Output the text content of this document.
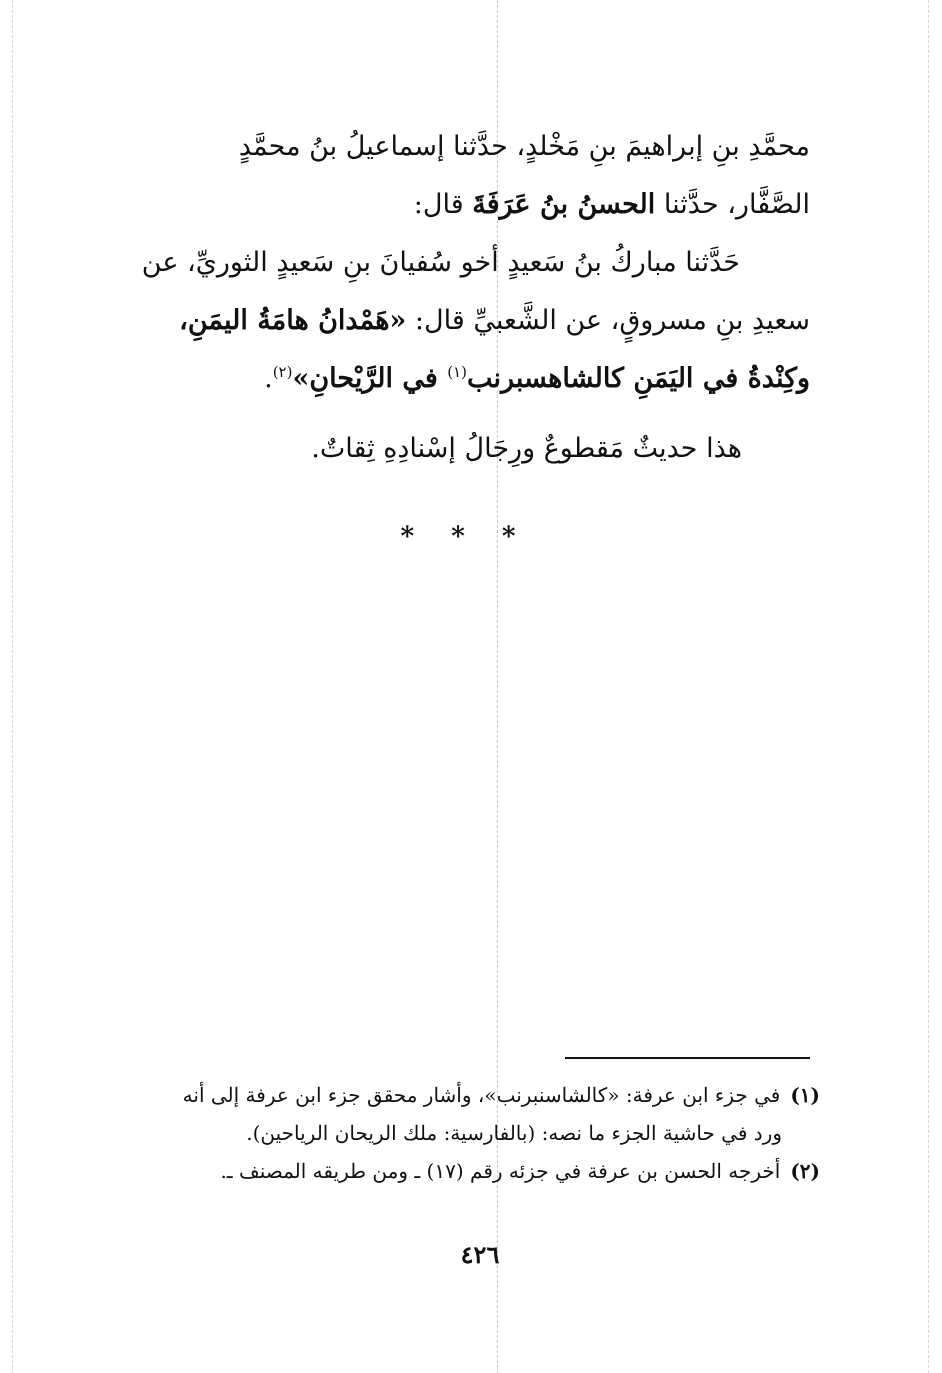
محمَّدِ بنِ إبراهيمَ بنِ مَخْلدٍ، حدَّثنا إسماعيلُ بنُ محمَّدٍ
الصَّفَّار، حدَّثنا الحسنُ بنُ عَرَفَةَ قال:
حَدَّثنا مباركُ بنُ سَعيدٍ أخو سُفيانَ بنِ سَعيدٍ الثوريِّ، عن
سعيدِ بنِ مسروقٍ، عن الشَّعبيِّ قال: «هَمْدانُ هامَةُ اليمَنِ،
وكِنْدةُ في اليَمَنِ كالشاهسبرنب$^{(١)}$ في الرَّيْحانِ»$^{(٢)}$.
هذا حديثٌ مَقطوعٌ ورِجَالُ إسْنادِهِ ثِقاتٌ.
* * *
(١)في جزء ابن عرفة: «كالشاسنبرنب»، وأشار محقق جزء ابن عرفة إلى أنه
ورد في حاشية الجزء ما نصه: (بالفارسية: ملك الريحان الرياحين).
(٢)أخرجه الحسن بن عرفة في جزئه رقم (١٧) ـ ومن طريقه المصنف ـ.
٤٢٦
